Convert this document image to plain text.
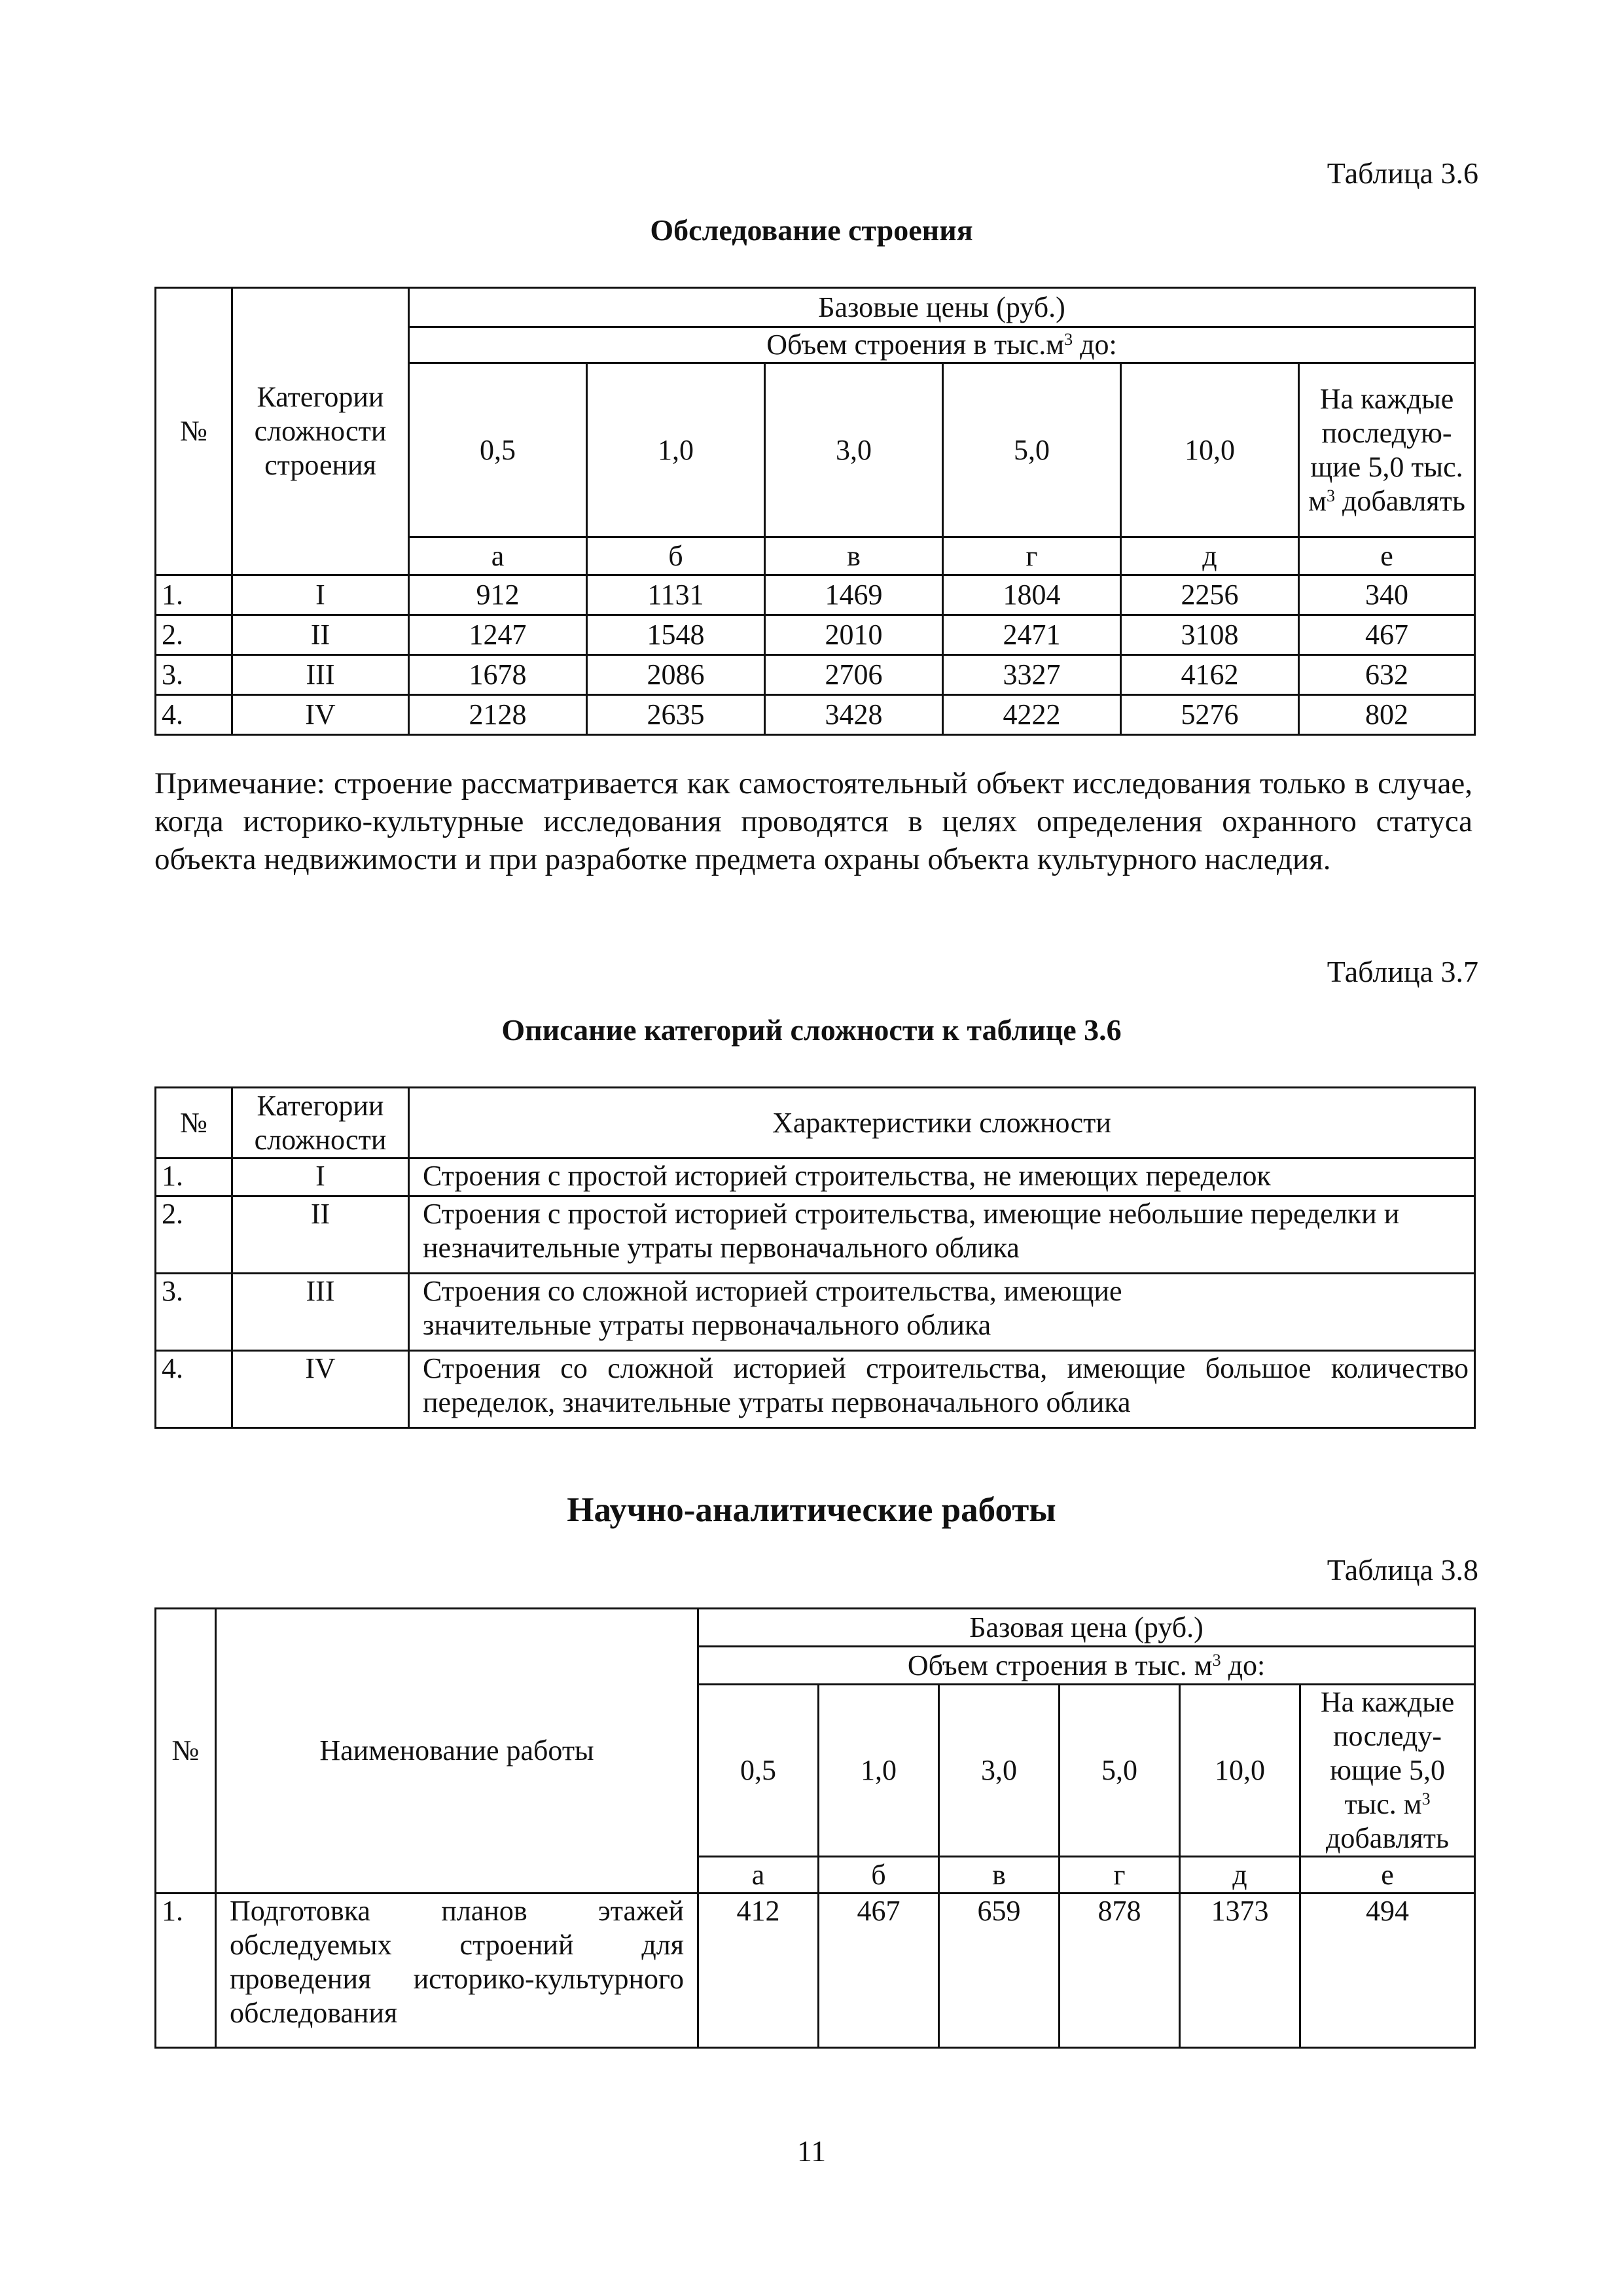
Таблица 3.6
Обследование строения
№	Категории сложности строения	Базовые цены (руб.)					
		Объем строения в $тыс.м^3$ до:					
		0,5	1,0	3,0	5,0	10,0	На каждые последую-щие 5,0 тыс. $м^3$ добавлять
		а	б	в	г	д	е
1.	I	912	1131	1469	1804	2256	340
2.	II	1247	1548	2010	2471	3108	467
3.	III	1678	2086	2706	3327	4162	632
4.	IV	2128	2635	3428	4222	5276	802
Примечание: строение рассматривается как самостоятельный объект исследования только в случае, когда историко-культурные исследования проводятся в целях определения охранного статуса объекта недвижимости и при разработке предмета охраны объекта культурного наследия.
Таблица 3.7
Описание категорий сложности к таблице 3.6
№	Категории сложности	Характеристики сложности
1.	I	Строения с простой историей строительства, не имеющих переделок
2.	II	Строения с простой историей строительства, имеющие небольшие переделки и незначительные утраты первоначального облика
3.	III	Строения со сложной историей строительства, имеющие значительные утраты первоначального облика
4.	IV	Строения со сложной историей строительства, имеющие большое количество переделок, значительные утраты первоначального облика
Научно-аналитические работы
Таблица 3.8
№	Наименование работы	Базовая цена (руб.)					
		Объем строения в тыс. $м^3$ до:					
		0,5	1,0	3,0	5,0	10,0	На каждые последу-ющие 5,0 тыс. $м^3$ добавлять
		а	б	в	г	д	е
1.	Подготовка планов этажей обследуемых строений для проведения историко-культурного обследования	412	467	659	878	1373	494
11
